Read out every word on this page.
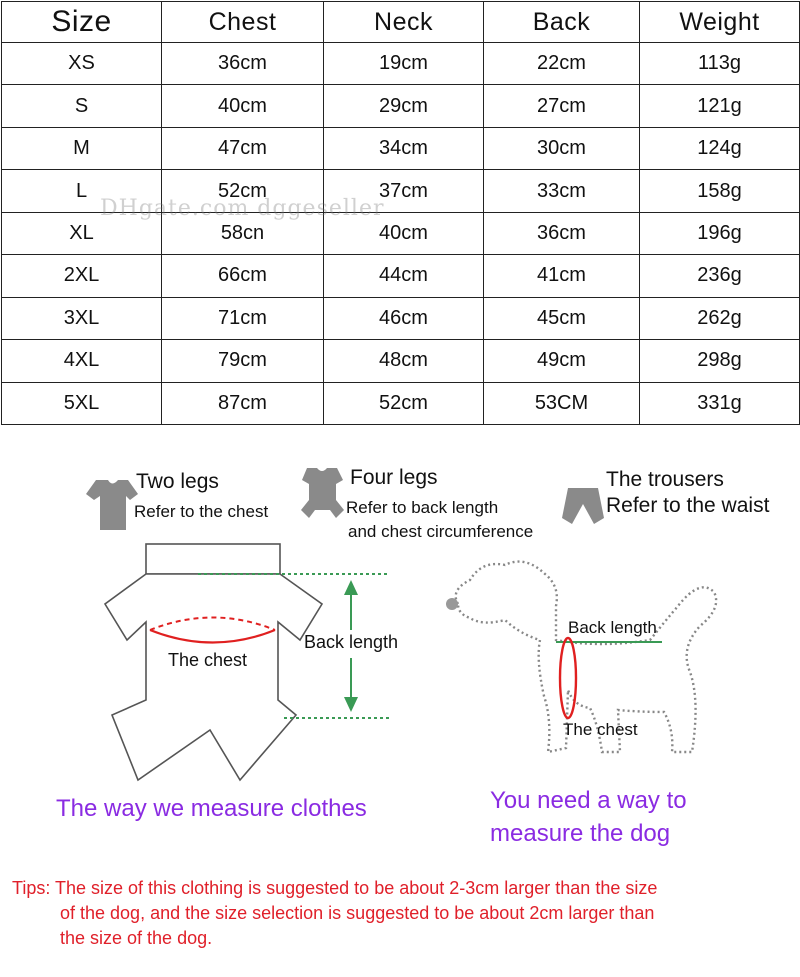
Size	Chest	Neck	Back	Weight
XS	36cm	19cm	22cm	113g
S	40cm	29cm	27cm	121g
M	47cm	34cm	30cm	124g
L	52cm	37cm	33cm	158g
XL	58cn	40cm	36cm	196g
2XL	66cm	44cm	41cm	236g
3XL	71cm	46cm	45cm	262g
4XL	79cm	48cm	49cm	298g
5XL	87cm	52cm	53CM	331g
DHgate.com dggeseller
Two legs
Refer to the chest
Four legs
Refer to back length
and chest circumference
The trousers
Refer to the waist
The chest
Back length
The way we measure clothes
Back length
The chest
You need a way to
measure the dog
Tips: The size of this clothing is suggested to be about 2-3cm larger than the size
of the dog, and the size selection is suggested to be about 2cm larger than
the size of the dog.
